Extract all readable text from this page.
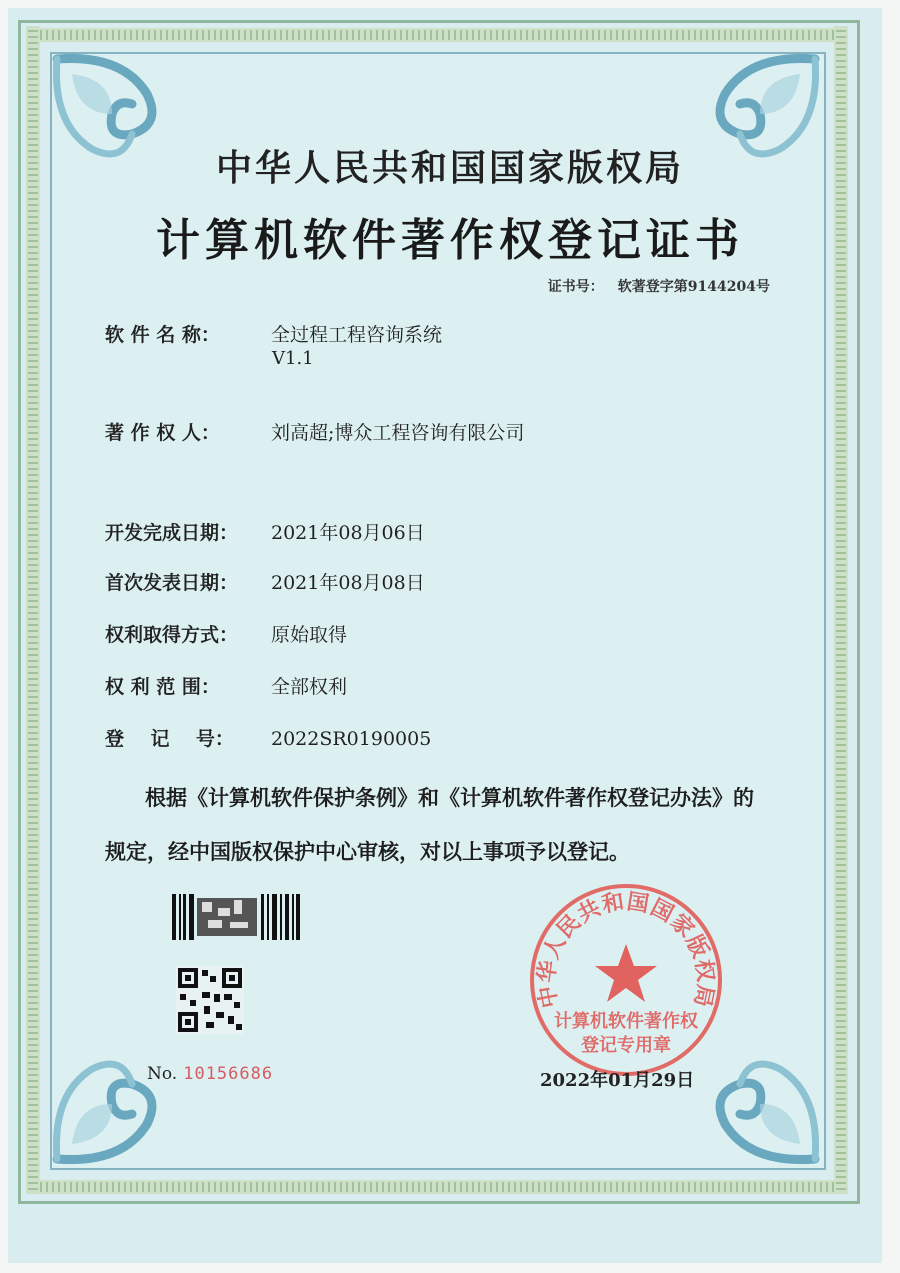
中华人民共和国国家版权局
计算机软件著作权登记证书
证书号： 软著登字第9144204号
软 件 名 称：	全过程工程咨询系统
V1.1
著 作 权 人：	刘高超;博众工程咨询有限公司
开发完成日期： 2021年08月06日
首次发表日期： 2021年08月08日
权利取得方式： 原始取得
权 利 范 围：	全部权利
登    记    号： 2022SR0190005
根据《计算机软件保护条例》和《计算机软件著作权登记办法》的
规定，经中国版权保护中心审核，对以上事项予以登记。
No. 10156686
中华人民共和国国家版权局
计算机软件著作权
登记专用章
2022年01月29日
